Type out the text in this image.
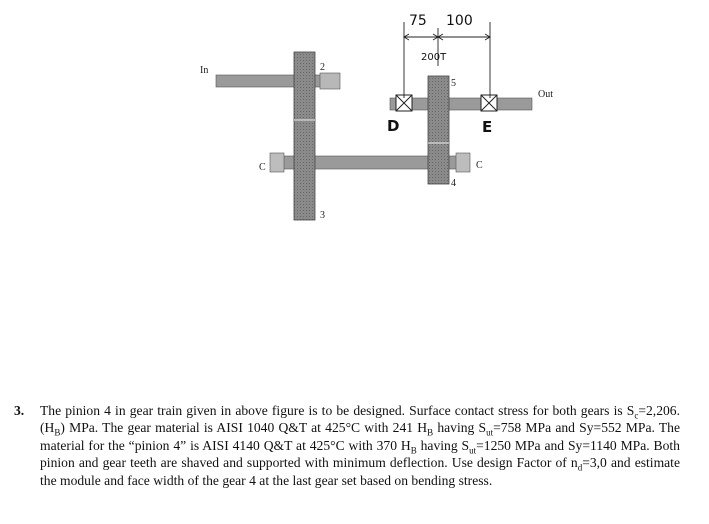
In
Out
2
3
4
5
C	C
D	E
75 100
200T
3. The pinion 4 in gear train given in above figure is to be designed. Surface contact stress for both gears is $S_c=2,206.(H_B)$ MPa. The gear material is AISI 1040 Q&T at 425°C with 241 $H_B$ having $S_{ut}=758$ MPa and Sy=552 MPa. The material for the “pinion 4” is AISI 4140 Q&T at 425°C with 370 $H_B$ having $S_{ut}=1250$ MPa and Sy=1140 MPa. Both pinion and gear teeth are shaved and supported with minimum deflection. Use design Factor of $n_d=3,0$ and estimate the module and face width of the gear 4 at the last gear set based on bending stress.
